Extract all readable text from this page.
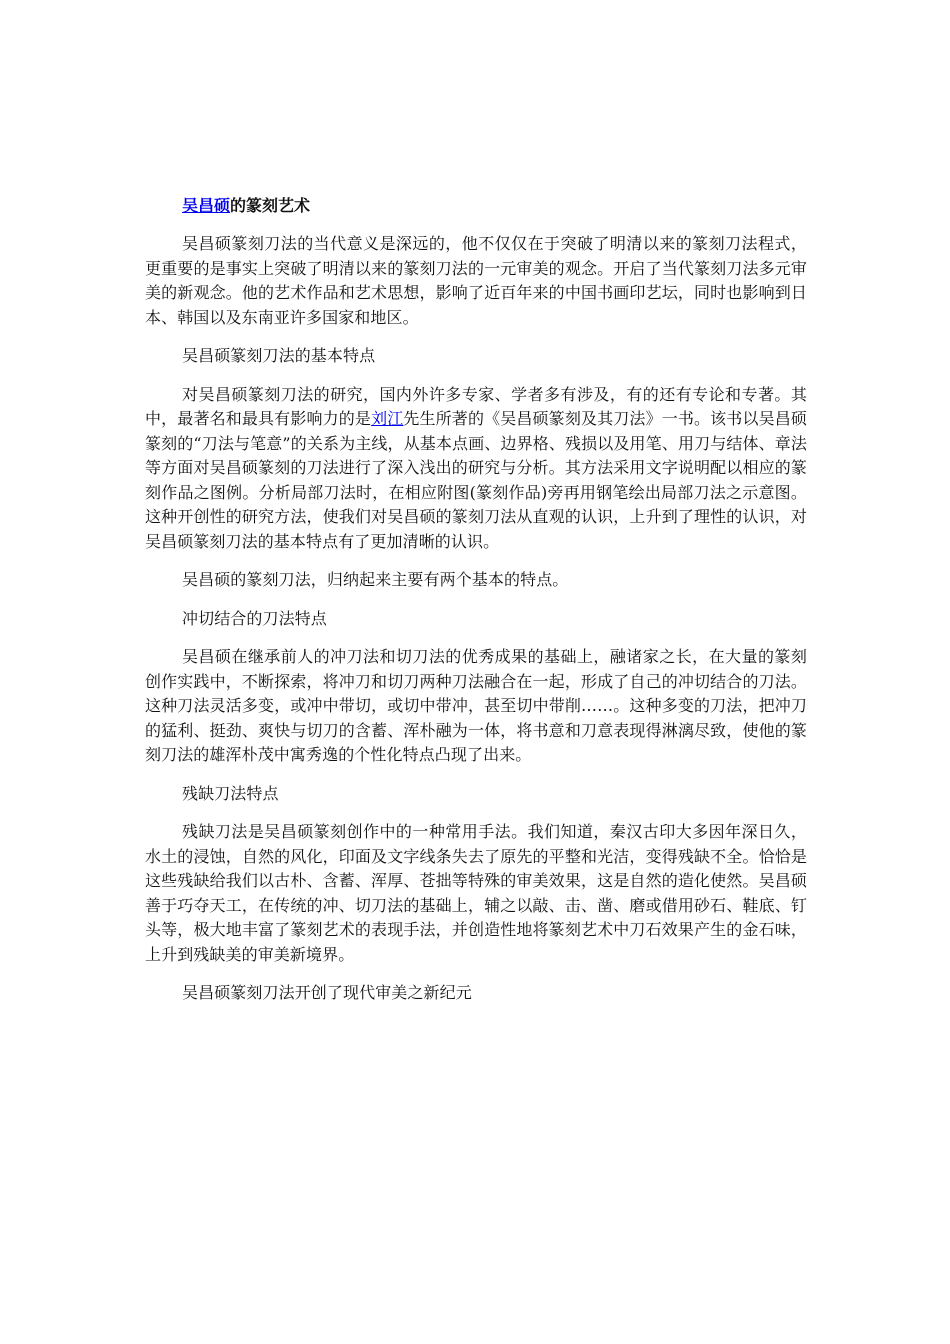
吴昌硕的篆刻艺术

吴昌硕篆刻刀法的当代意义是深远的，他不仅仅在于突破了明清以来的篆刻刀法程式，更重要的是事实上突破了明清以来的篆刻刀法的一元审美的观念。开启了当代篆刻刀法多元审美的新观念。他的艺术作品和艺术思想，影响了近百年来的中国书画印艺坛，同时也影响到日本、韩国以及东南亚许多国家和地区。

吴昌硕篆刻刀法的基本特点

对吴昌硕篆刻刀法的研究，国内外许多专家、学者多有涉及，有的还有专论和专著。其中，最著名和最具有影响力的是刘江先生所著的《吴昌硕篆刻及其刀法》一书。该书以吴昌硕篆刻的“刀法与笔意”的关系为主线，从基本点画、边界格、残损以及用笔、用刀与结体、章法等方面对吴昌硕篆刻的刀法进行了深入浅出的研究与分析。其方法采用文字说明配以相应的篆刻作品之图例。分析局部刀法时，在相应附图(篆刻作品)旁再用钢笔绘出局部刀法之示意图。这种开创性的研究方法，使我们对吴昌硕的篆刻刀法从直观的认识，上升到了理性的认识，对吴昌硕篆刻刀法的基本特点有了更加清晰的认识。

吴昌硕的篆刻刀法，归纳起来主要有两个基本的特点。

冲切结合的刀法特点

吴昌硕在继承前人的冲刀法和切刀法的优秀成果的基础上，融诸家之长，在大量的篆刻创作实践中，不断探索，将冲刀和切刀两种刀法融合在一起，形成了自己的冲切结合的刀法。这种刀法灵活多变，或冲中带切，或切中带冲，甚至切中带削……。这种多变的刀法，把冲刀的猛利、挺劲、爽快与切刀的含蓄、浑朴融为一体，将书意和刀意表现得淋漓尽致，使他的篆刻刀法的雄浑朴茂中寓秀逸的个性化特点凸现了出来。

残缺刀法特点

残缺刀法是吴昌硕篆刻创作中的一种常用手法。我们知道，秦汉古印大多因年深日久，水土的浸蚀，自然的风化，印面及文字线条失去了原先的平整和光洁，变得残缺不全。恰恰是这些残缺给我们以古朴、含蓄、浑厚、苍拙等特殊的审美效果，这是自然的造化使然。吴昌硕善于巧夺天工，在传统的冲、切刀法的基础上，辅之以敲、击、凿、磨或借用砂石、鞋底、钉头等，极大地丰富了篆刻艺术的表现手法，并创造性地将篆刻艺术中刀石效果产生的金石味，上升到残缺美的审美新境界。

吴昌硕篆刻刀法开创了现代审美之新纪元
